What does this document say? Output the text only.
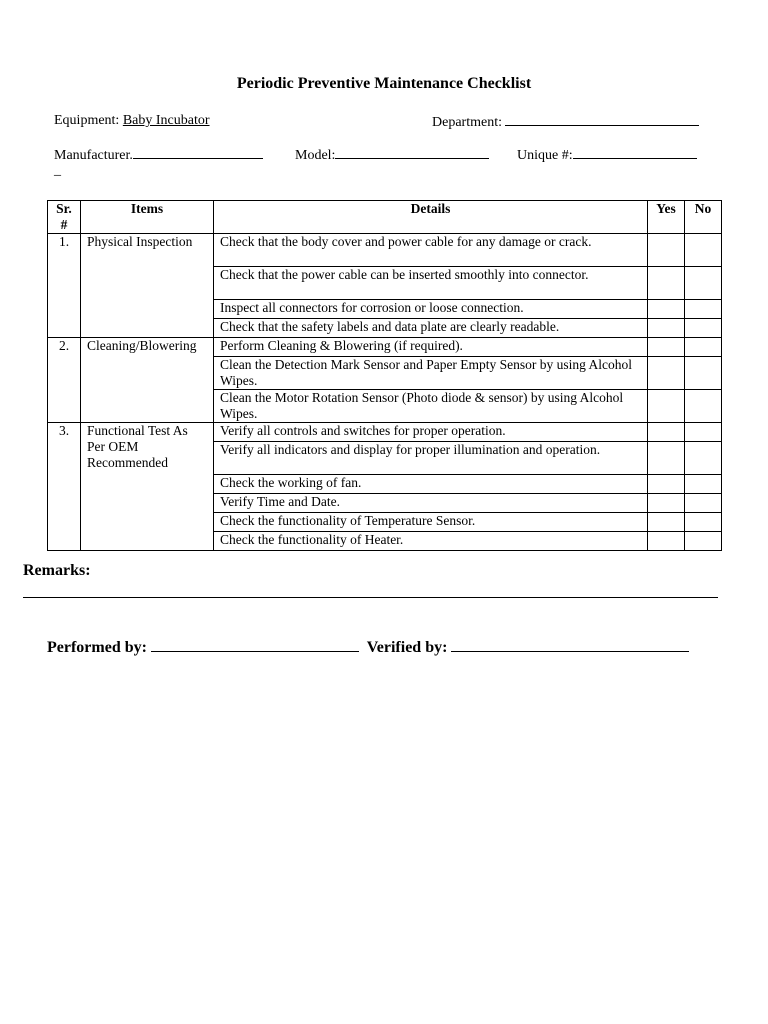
Periodic Preventive Maintenance Checklist
Equipment: Baby Incubator	Department:
Manufacturer.	Model:	Unique #:
_
Sr. #	Items	Details	Yes	No
1.	Physical Inspection	Check that the body cover and power cable for any damage or crack.		
		Check that the power cable can be inserted smoothly into connector.		
		Inspect all connectors for corrosion or loose connection.		
		Check that the safety labels and data plate are clearly readable.		
2.	Cleaning/Blowering	Perform Cleaning & Blowering (if required).		
		Clean the Detection Mark Sensor and Paper Empty Sensor by using Alcohol Wipes.		
		Clean the Motor Rotation Sensor (Photo diode & sensor) by using Alcohol Wipes.		
3.	Functional Test As Per OEM Recommended	Verify all controls and switches for proper operation.		
		Verify all indicators and display for proper illumination and operation.		
		Check the working of fan.		
		Verify Time and Date.		
		Check the functionality of Temperature Sensor.		
		Check the functionality of Heater.		
Remarks:
Performed by:	Verified by:
